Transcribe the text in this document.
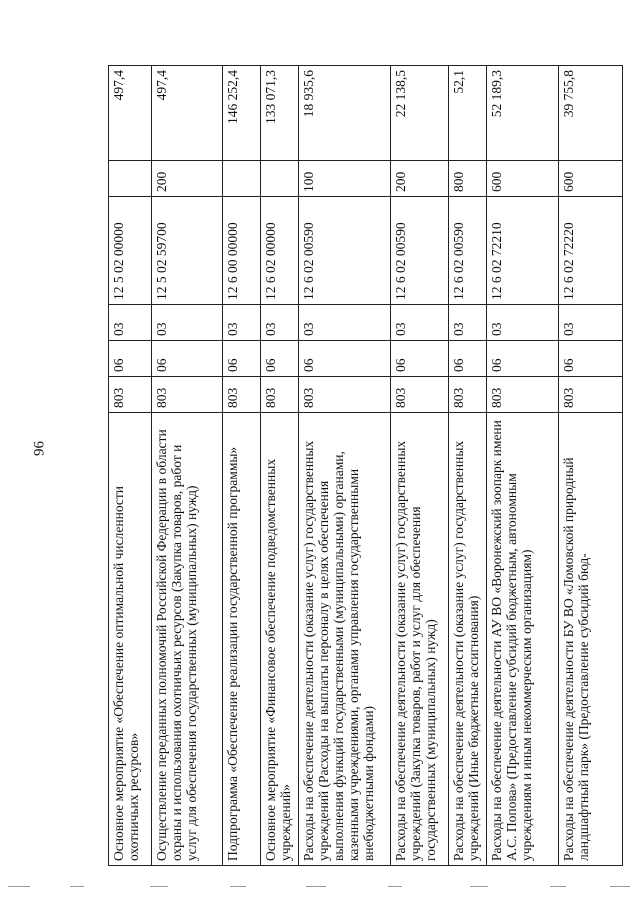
96
Основное мероприятие «Обеспечение оптимальной численности охотничьих ресурсов»	803	06	03	12 5 02 00000		497,4
Осуществление переданных полномочий Российской Федерации в области охраны и использования охотничьих ресурсов (Закупка товаров, работ и услуг для обеспечения государственных (муниципальных) нужд)	803	06	03	12 5 02 59700	200	497,4
Подпрограмма «Обеспечение реализации государственной программы»	803	06	03	12 6 00 00000		146 252,4
Основное мероприятие «Финансовое обеспечение подведомственных учреждений»	803	06	03	12 6 02 00000		133 071,3
Расходы на обеспечение деятельности (оказание услуг) государственных учреждений (Расходы на выплаты персоналу в целях обеспечения выполнения функций государственными (муниципальными) органами, казенными учреждениями, органами управления государственными внебюджетными фондами)	803	06	03	12 6 02 00590	100	18 935,6
Расходы на обеспечение деятельности (оказание услуг) государственных учреждений (Закупка товаров, работ и услуг для обеспечения государственных (муниципальных) нужд)	803	06	03	12 6 02 00590	200	22 138,5
Расходы на обеспечение деятельности (оказание услуг) государственных учреждений (Иные бюджетные ассигнования)	803	06	03	12 6 02 00590	800	52,1
Расходы на обеспечение деятельности АУ ВО «Воронежский зоопарк имени А.С. Попова» (Предоставление субсидий бюджетным, автономным учреждениям и иным некоммерческим организациям)	803	06	03	12 6 02 72210	600	52 189,3
Расходы на обеспечение деятельности БУ ВО «Ломовской природный ландшафтный парк» (Предоставление субсидий бюд-	803	06	03	12 6 02 72220	600	39 755,8
